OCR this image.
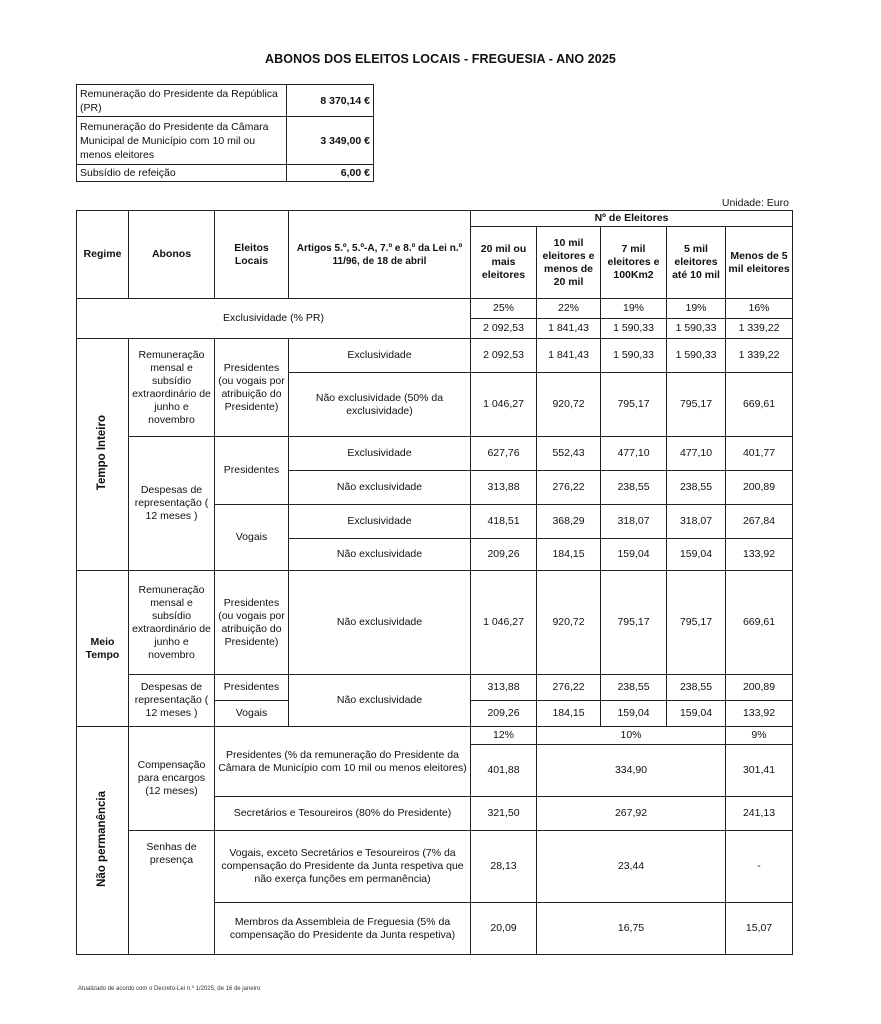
ABONOS DOS ELEITOS LOCAIS - FREGUESIA - ANO 2025
Remuneração do Presidente da República (PR)	8 370,14 €
Remuneração do Presidente da Câmara Municipal de Município com 10 mil ou menos eleitores	3 349,00 €
Subsídio de refeição	6,00 €
Unidade: Euro
Regime	Abonos	Eleitos Locais	Artigos 5.º, 5.º-A, 7.º e 8.º da Lei n.º 11/96, de 18 de abril	Nº de Eleitores				
				20 mil ou mais eleitores	10 mil eleitores e menos de 20 mil	7 mil eleitores e 100Km2	5 mil eleitores até 10 mil	Menos de 5 mil eleitores
Exclusividade (% PR)				25%	22%	19%	19%	16%
				2 092,53	1 841,43	1 590,33	1 590,33	1 339,22
Tempo Inteiro	Remuneração mensal e subsídio extraordinário de junho e novembro	Presidentes (ou vogais por atribuição do Presidente)	Exclusividade	2 092,53	1 841,43	1 590,33	1 590,33	1 339,22
			Não exclusividade (50% da exclusividade)	1 046,27	920,72	795,17	795,17	669,61
	Despesas de representação ( 12 meses )	Presidentes	Exclusividade	627,76	552,43	477,10	477,10	401,77
			Não exclusividade	313,88	276,22	238,55	238,55	200,89
		Vogais	Exclusividade	418,51	368,29	318,07	318,07	267,84
			Não exclusividade	209,26	184,15	159,04	159,04	133,92
Meio Tempo	Remuneração mensal e subsídio extraordinário de junho e novembro	Presidentes (ou vogais por atribuição do Presidente)	Não exclusividade	1 046,27	920,72	795,17	795,17	669,61
	Despesas de representação ( 12 meses )	Presidentes	Não exclusividade	313,88	276,22	238,55	238,55	200,89
		Vogais		209,26	184,15	159,04	159,04	133,92
Não permanência	Compensação para encargos (12 meses)	Presidentes (% da remuneração do Presidente da Câmara de Município com 10 mil ou menos eleitores)		12%	10%			9%
				401,88	334,90			301,41
		Secretários e Tesoureiros (80% do Presidente)		321,50	267,92			241,13
	Senhas de presença	Vogais, exceto Secretários e Tesoureiros (7% da compensação do Presidente da Junta respetiva que não exerça funções em permanência)		28,13	23,44			-
		Membros da Assembleia de Freguesia (5% da compensação do Presidente da Junta respetiva)		20,09	16,75			15,07
Atualizado de acordo com o Decreto-Lei n.º 1/2025, de 16 de janeiro
